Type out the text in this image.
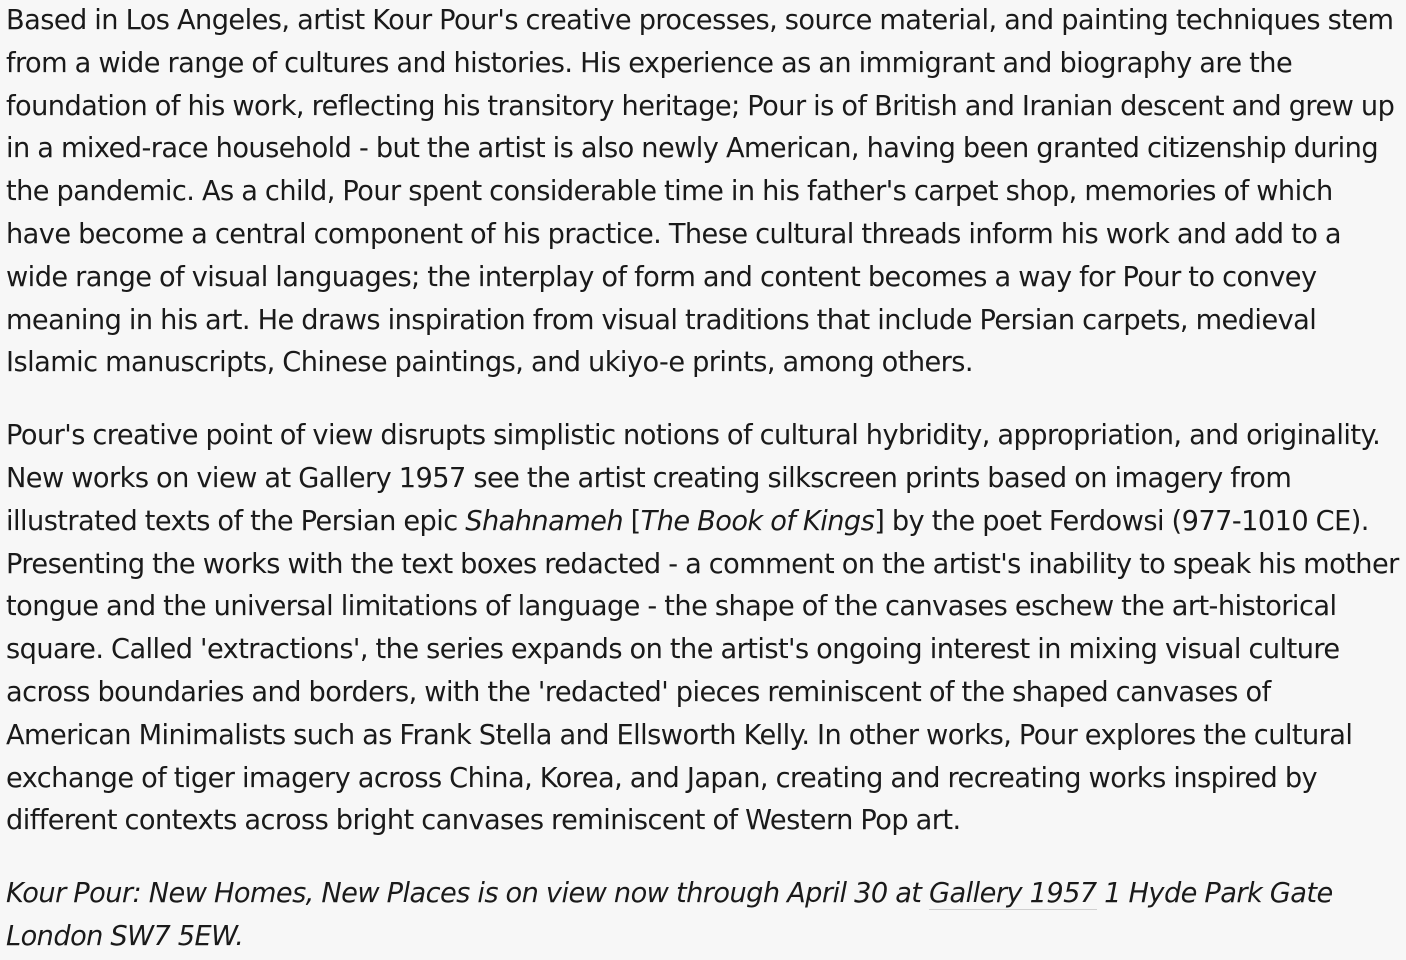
Based in Los Angeles, artist Kour Pour's creative processes, source material, and painting techniques stem from a wide range of cultures and histories. His experience as an immigrant and biography are the foundation of his work, reflecting his transitory heritage; Pour is of British and Iranian descent and grew up in a mixed-race household - but the artist is also newly American, having been granted citizenship during the pandemic. As a child, Pour spent considerable time in his father's carpet shop, memories of which have become a central component of his practice. These cultural threads inform his work and add to a wide range of visual languages; the interplay of form and content becomes a way for Pour to convey meaning in his art. He draws inspiration from visual traditions that include Persian carpets, medieval Islamic manuscripts, Chinese paintings, and ukiyo-e prints, among others.

Pour's creative point of view disrupts simplistic notions of cultural hybridity, appropriation, and originality. New works on view at Gallery 1957 see the artist creating silkscreen prints based on imagery from illustrated texts of the Persian epic Shahnameh [The Book of Kings] by the poet Ferdowsi (977-1010 CE). Presenting the works with the text boxes redacted - a comment on the artist's inability to speak his mother tongue and the universal limitations of language - the shape of the canvases eschew the art-historical square. Called 'extractions', the series expands on the artist's ongoing interest in mixing visual culture across boundaries and borders, with the 'redacted' pieces reminiscent of the shaped canvases of American Minimalists such as Frank Stella and Ellsworth Kelly. In other works, Pour explores the cultural exchange of tiger imagery across China, Korea, and Japan, creating and recreating works inspired by different contexts across bright canvases reminiscent of Western Pop art.

Kour Pour: New Homes, New Places is on view now through April 30 at Gallery 1957 1 Hyde Park Gate London SW7 5EW.
